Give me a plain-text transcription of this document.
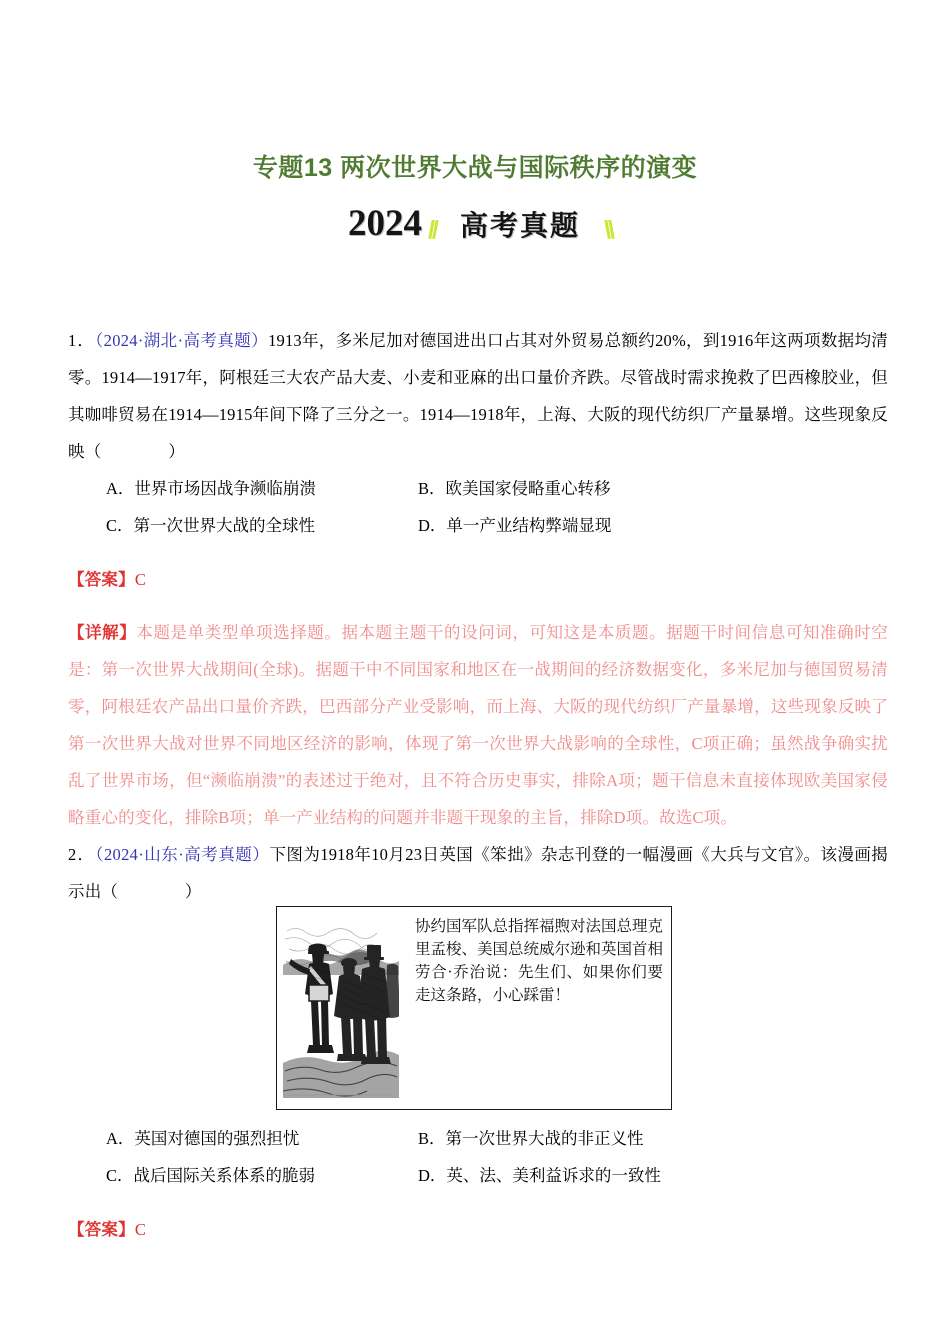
专题13 两次世界大战与国际秩序的演变
2024 // 高考真题 \\

1．（2024·湖北·高考真题）1913年，多米尼加对德国进出口占其对外贸易总额约20%，到1916年这两项数据均清零。1914—1917年，阿根廷三大农产品大麦、小麦和亚麻的出口量价齐跌。尽管战时需求挽救了巴西橡胶业，但其咖啡贸易在1914—1915年间下降了三分之一。1914—1918年，上海、大阪的现代纺织厂产量暴增。这些现象反映（　　　　）

A．世界市场因战争濒临崩溃	B．欧美国家侵略重心转移
C．第一次世界大战的全球性	D．单一产业结构弊端显现

【答案】C

【详解】本题是单类型单项选择题。据本题主题干的设问词，可知这是本质题。据题干时间信息可知准确时空是：第一次世界大战期间(全球)。据题干中不同国家和地区在一战期间的经济数据变化，多米尼加与德国贸易清零，阿根廷农产品出口量价齐跌，巴西部分产业受影响，而上海、大阪的现代纺织厂产量暴增，这些现象反映了第一次世界大战对世界不同地区经济的影响，体现了第一次世界大战影响的全球性，C项正确；虽然战争确实扰乱了世界市场，但“濒临崩溃”的表述过于绝对，且不符合历史事实，排除A项；题干信息未直接体现欧美国家侵略重心的变化，排除B项；单一产业结构的问题并非题干现象的主旨，排除D项。故选C项。

2．（2024·山东·高考真题）下图为1918年10月23日英国《笨拙》杂志刊登的一幅漫画《大兵与文官》。该漫画揭示出（　　　　）

A．英国对德国的强烈担忧	B．第一次世界大战的非正义性
C．战后国际关系体系的脆弱	D．英、法、美利益诉求的一致性

【答案】C

协约国军队总指挥福煦对法国总理克里孟梭、美国总统威尔逊和英国首相劳合·乔治说：先生们、如果你们要走这条路，小心踩雷！
